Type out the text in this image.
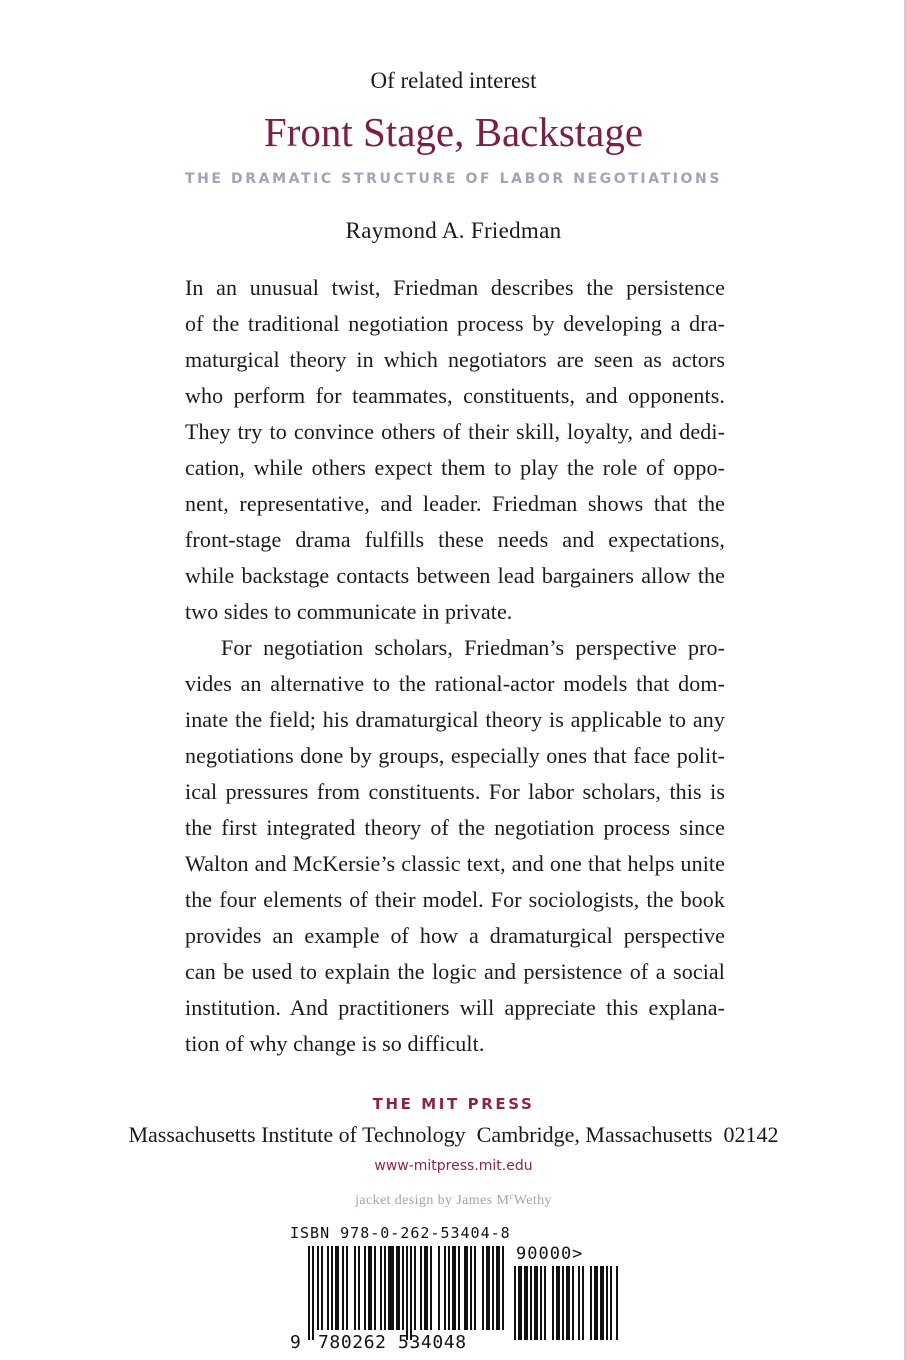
Of related interest
Front Stage, Backstage
THE DRAMATIC STRUCTURE OF LABOR NEGOTIATIONS
Raymond A. Friedman
In an unusual twist, Friedman describes the persistence
of the traditional negotiation process by developing a dra-
maturgical theory in which negotiators are seen as actors
who perform for teammates, constituents, and opponents.
They try to convince others of their skill, loyalty, and dedi-
cation, while others expect them to play the role of oppo-
nent, representative, and leader. Friedman shows that the
front-stage drama fulfills these needs and expectations,
while backstage contacts between lead bargainers allow the
two sides to communicate in private.
For negotiation scholars, Friedman’s perspective pro-
vides an alternative to the rational-actor models that dom-
inate the field; his dramaturgical theory is applicable to any
negotiations done by groups, especially ones that face polit-
ical pressures from constituents. For labor scholars, this is
the first integrated theory of the negotiation process since
Walton and McKersie’s classic text, and one that helps unite
the four elements of their model. For sociologists, the book
provides an example of how a dramaturgical perspective
can be used to explain the logic and persistence of a social
institution. And practitioners will appreciate this explana-
tion of why change is so difficult.
THE MIT PRESS
Massachusetts Institute of Technology  Cambridge, Massachusetts  02142
www-mitpress.mit.edu
jacket design by James $M^cWethy$
ISBN 978-0-262-53404-8
90000>
9 780262 534048
